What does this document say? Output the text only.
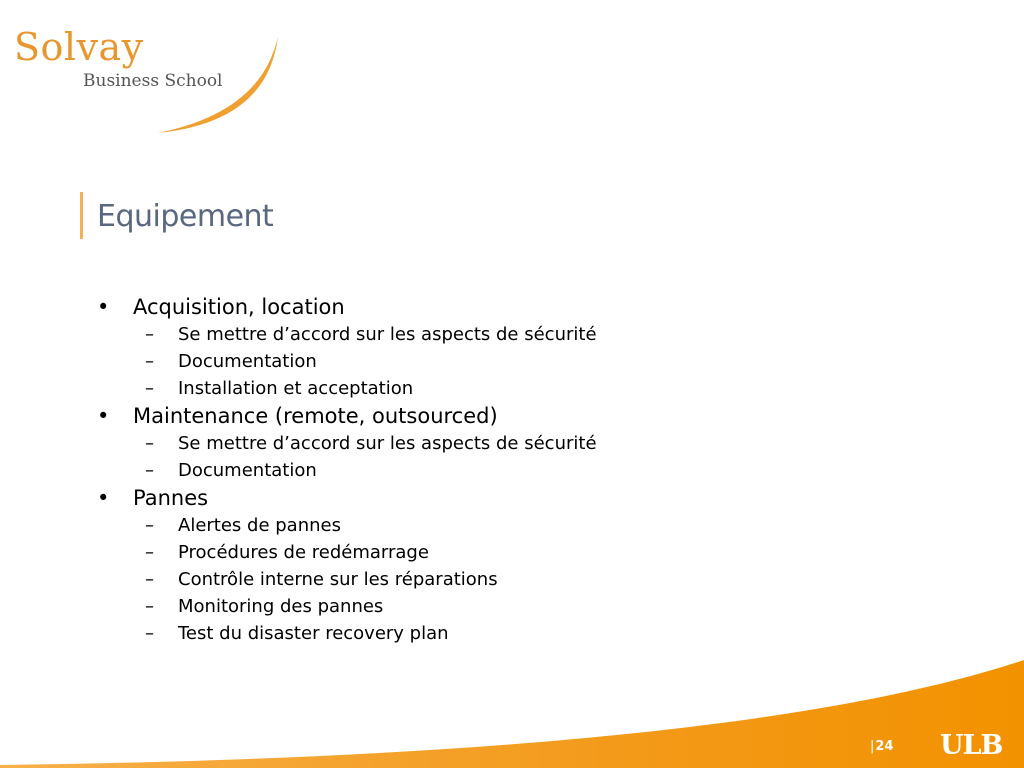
Solvay
Business School
Equipement
• Acquisition, location
– Se mettre d’accord sur les aspects de sécurité
– Documentation
– Installation et acceptation
• Maintenance (remote, outsourced)
– Se mettre d’accord sur les aspects de sécurité
– Documentation
• Pannes
– Alertes de pannes
– Procédures de redémarrage
– Contrôle interne sur les réparations
– Monitoring des pannes
– Test du disaster recovery plan
|24 ULB
